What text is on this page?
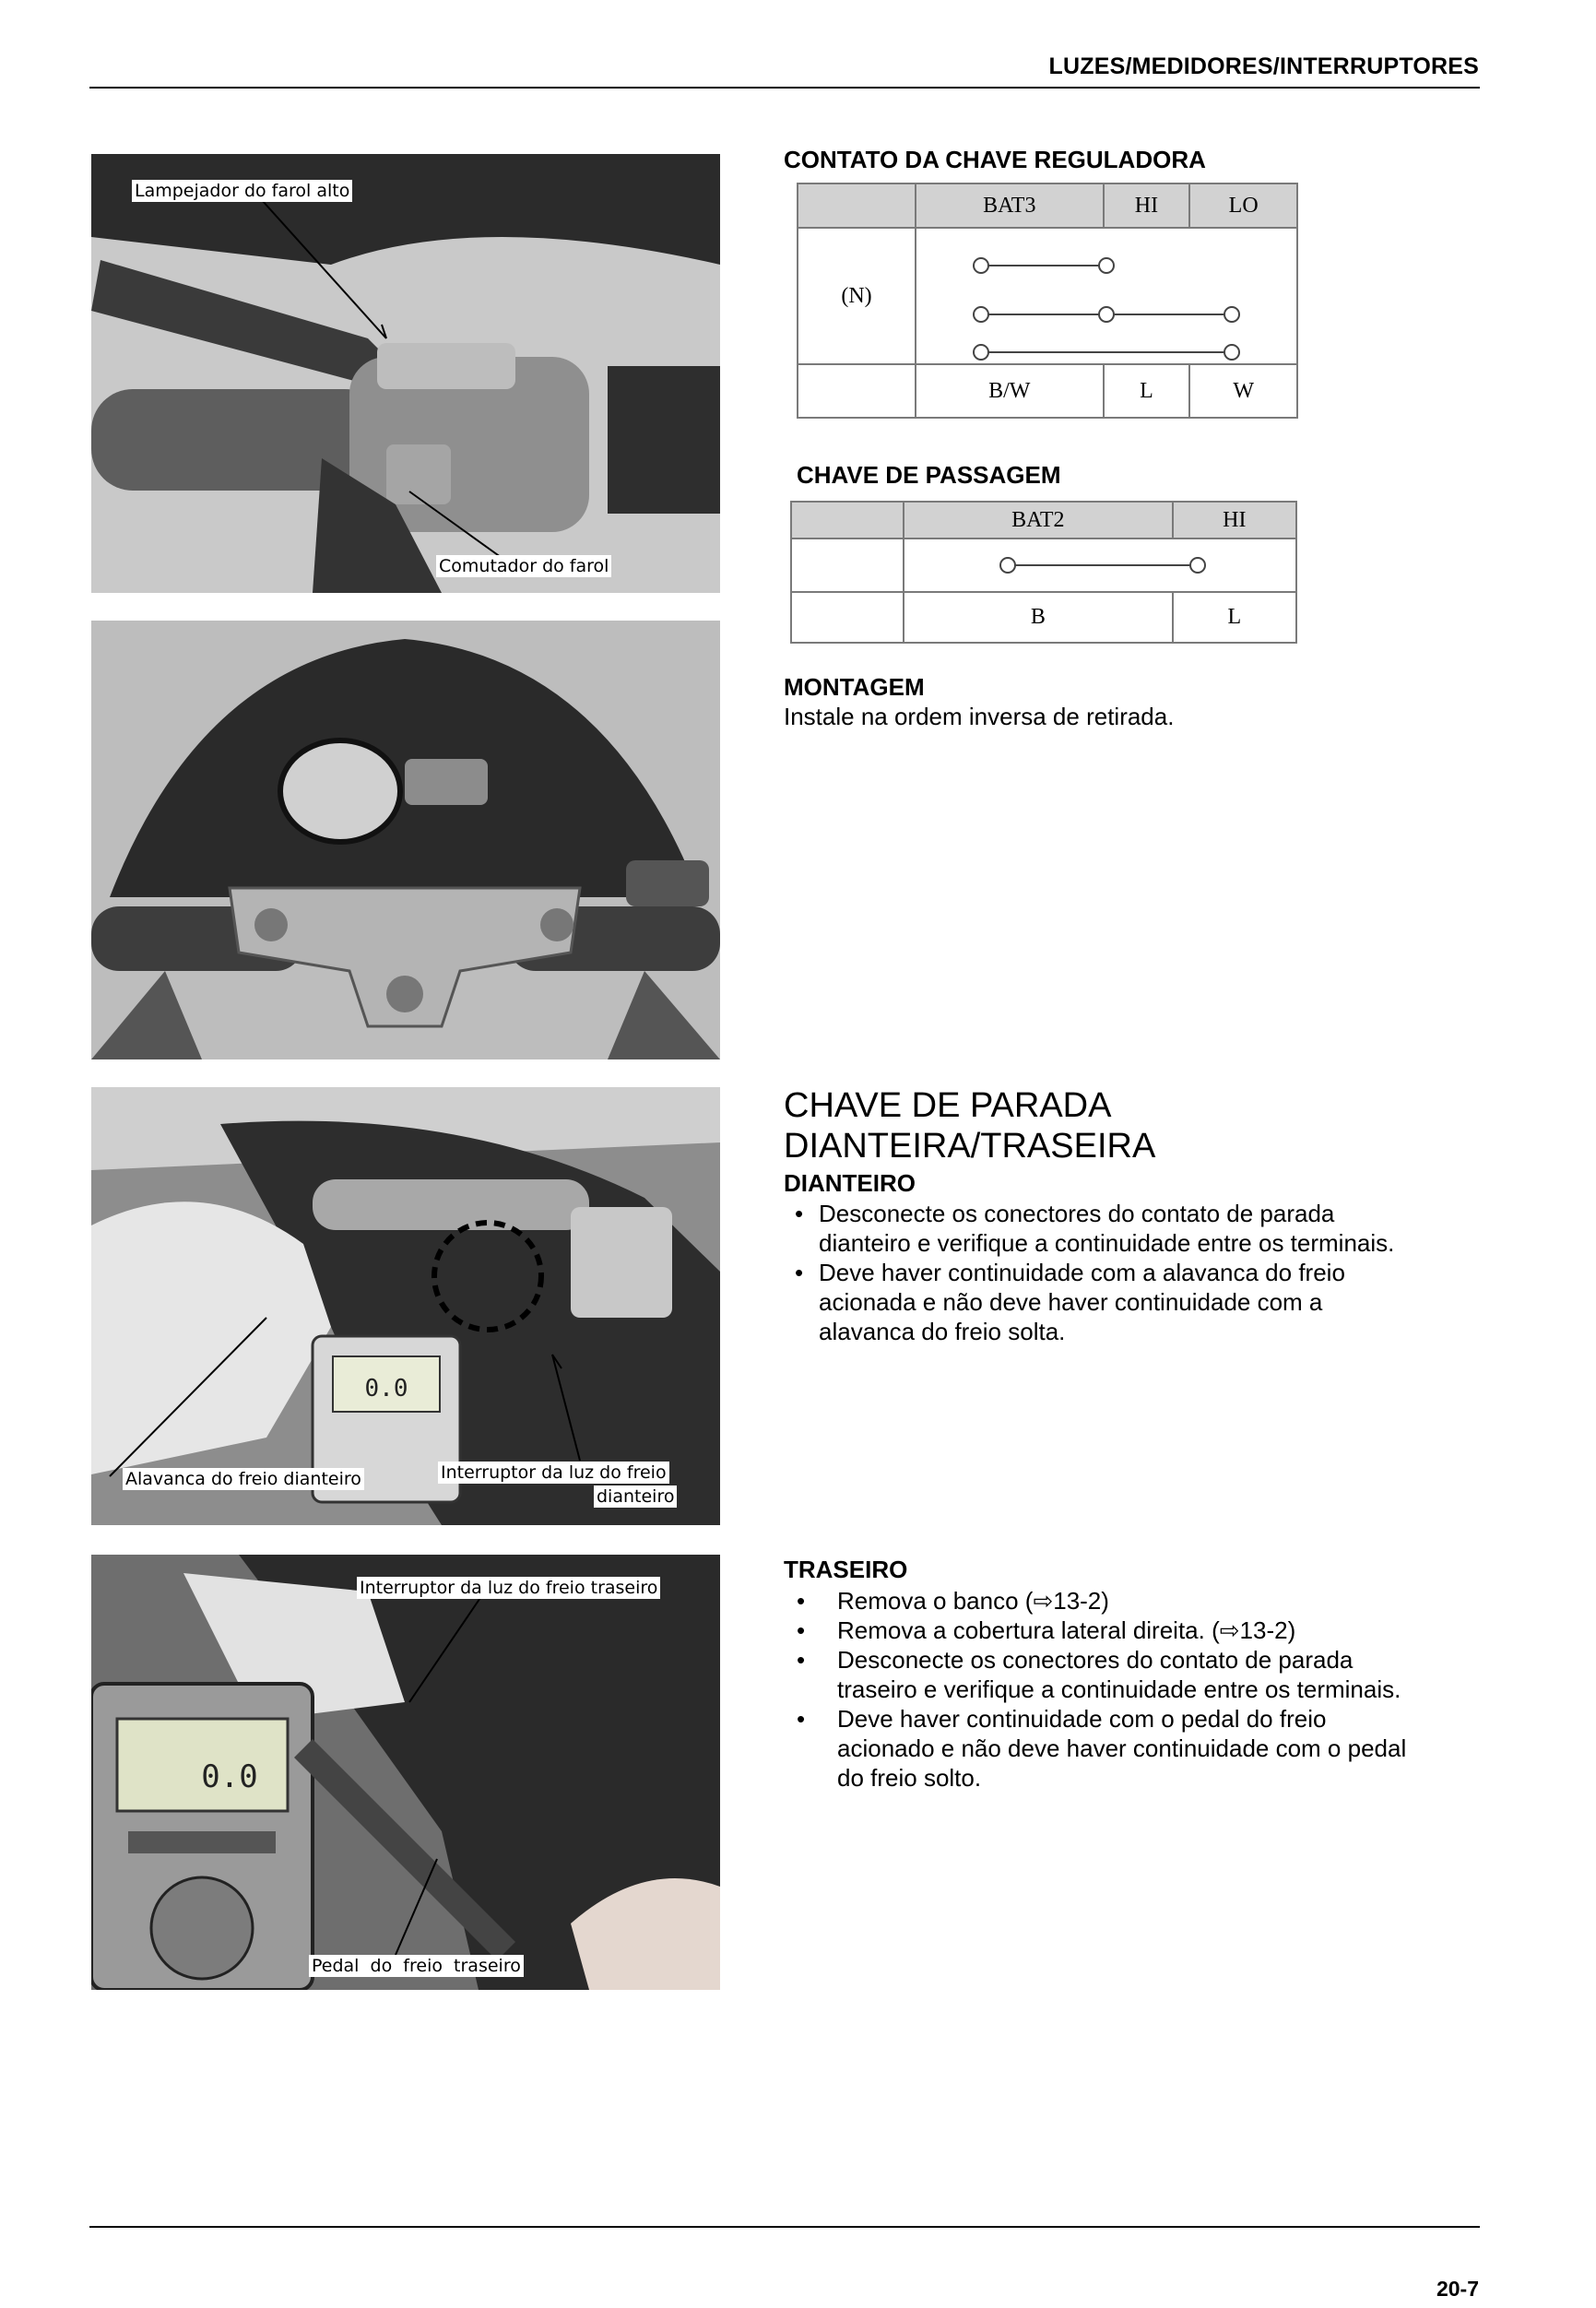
LUZES/MEDIDORES/INTERRUPTORES
Lampejador do farol alto
Comutador do farol
0.0
Alavanca do freio dianteiro	Interruptor da luz do freio
dianteiro
0.0
Interruptor da luz do freio traseiro
Pedal  do  freio  traseiro
CONTATO DA CHAVE REGULADORA
	BAT3	HI	LO
(N)	

	B/W	L	W
CHAVE DE PASSAGEM
	BAT2	HI

	B	L
MONTAGEM
Instale na ordem inversa de retirada.
CHAVE DE PARADA
DIANTEIRA/TRASEIRA
DIANTEIRO
• Desconecte os conectores do contato de parada
dianteiro e verifique a continuidade entre os terminais.
• Deve haver continuidade com a alavanca do freio
acionada e não deve haver continuidade com a
alavanca do freio solta.
TRASEIRO
• Remova o banco (⇨13-2)
• Remova a cobertura lateral direita. (⇨13-2)
• Desconecte os conectores do contato de parada
traseiro e verifique a continuidade entre os terminais.
• Deve haver continuidade com o pedal do freio
acionado e não deve haver continuidade com o pedal
do freio solto.
20-7
